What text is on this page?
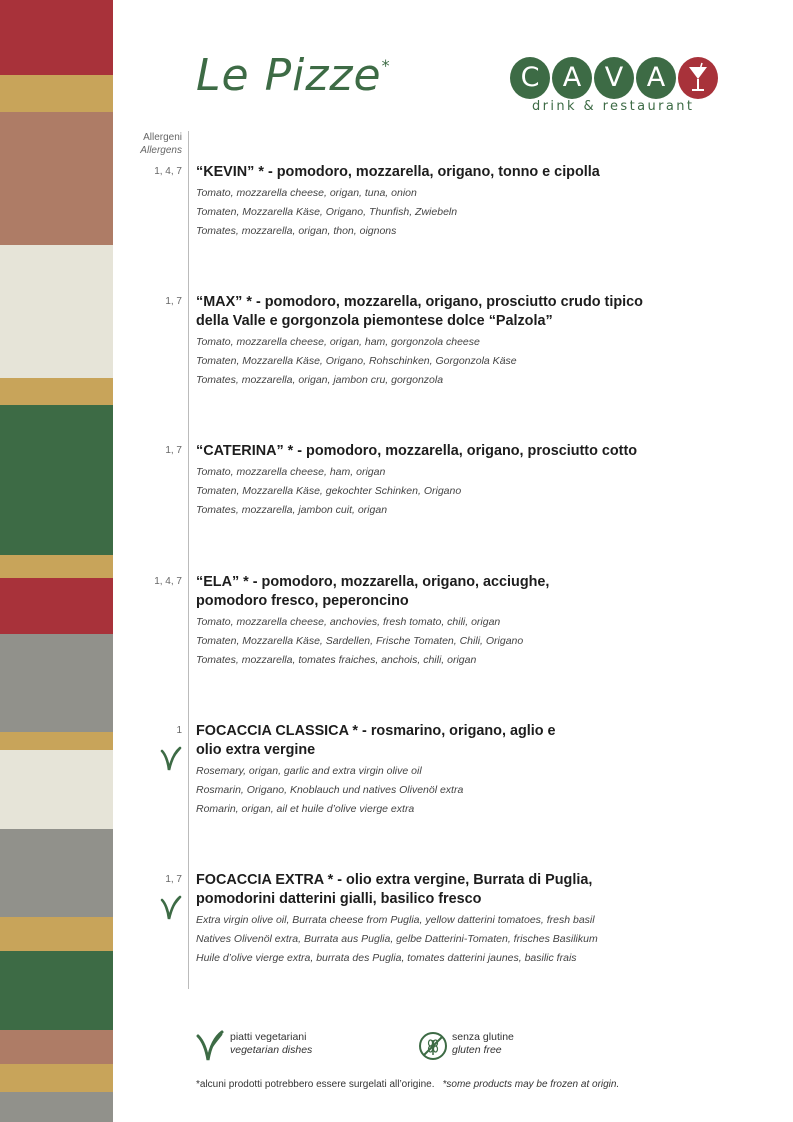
Le Pizze*	C A V A
drink & restaurant
Allergeni
Allergens
1, 4, 7 “KEVIN” * - pomodoro, mozzarella, origano, tonno e cipolla
Tomato, mozzarella cheese, origan, tuna, onion
Tomaten, Mozzarella Käse, Origano, Thunfish, Zwiebeln
Tomates, mozzarella, origan, thon, oignons
1, 7 “MAX” * - pomodoro, mozzarella, origano, prosciutto crudo tipico
della Valle e gorgonzola piemontese dolce “Palzola”
Tomato, mozzarella cheese, origan, ham, gorgonzola cheese
Tomaten, Mozzarella Käse, Origano, Rohschinken, Gorgonzola Käse
Tomates, mozzarella, origan, jambon cru, gorgonzola
1, 7 “CATERINA” * - pomodoro, mozzarella, origano, prosciutto cotto
Tomato, mozzarella cheese, ham, origan
Tomaten, Mozzarella Käse, gekochter Schinken, Origano
Tomates, mozzarella, jambon cuit, origan
1, 4, 7 “ELA” * - pomodoro, mozzarella, origano, acciughe,
pomodoro fresco, peperoncino
Tomato, mozzarella cheese, anchovies, fresh tomato, chili, origan
Tomaten, Mozzarella Käse, Sardellen, Frische Tomaten, Chili, Origano
Tomates, mozzarella, tomates fraiches, anchois, chili, origan
1 FOCACCIA CLASSICA * - rosmarino, origano, aglio e
olio extra vergine
Rosemary, origan, garlic and extra virgin olive oil
Rosmarin, Origano, Knoblauch und natives Olivenöl extra
Romarin, origan, ail et huile d’olive vierge extra
1, 7 FOCACCIA EXTRA * - olio extra vergine, Burrata di Puglia,
pomodorini datterini gialli, basilico fresco
Extra virgin olive oil, Burrata cheese from Puglia, yellow datterini tomatoes, fresh basil
Natives Olivenöl extra, Burrata aus Puglia, gelbe Datterini-Tomaten, frisches Basilikum
Huile d’olive vierge extra, burrata des Puglia, tomates datterini jaunes, basilic frais
piatti vegetariani
vegetarian dishes
senza glutine
gluten free
*alcuni prodotti potrebbero essere surgelati all’origine. *some products may be frozen at origin.
